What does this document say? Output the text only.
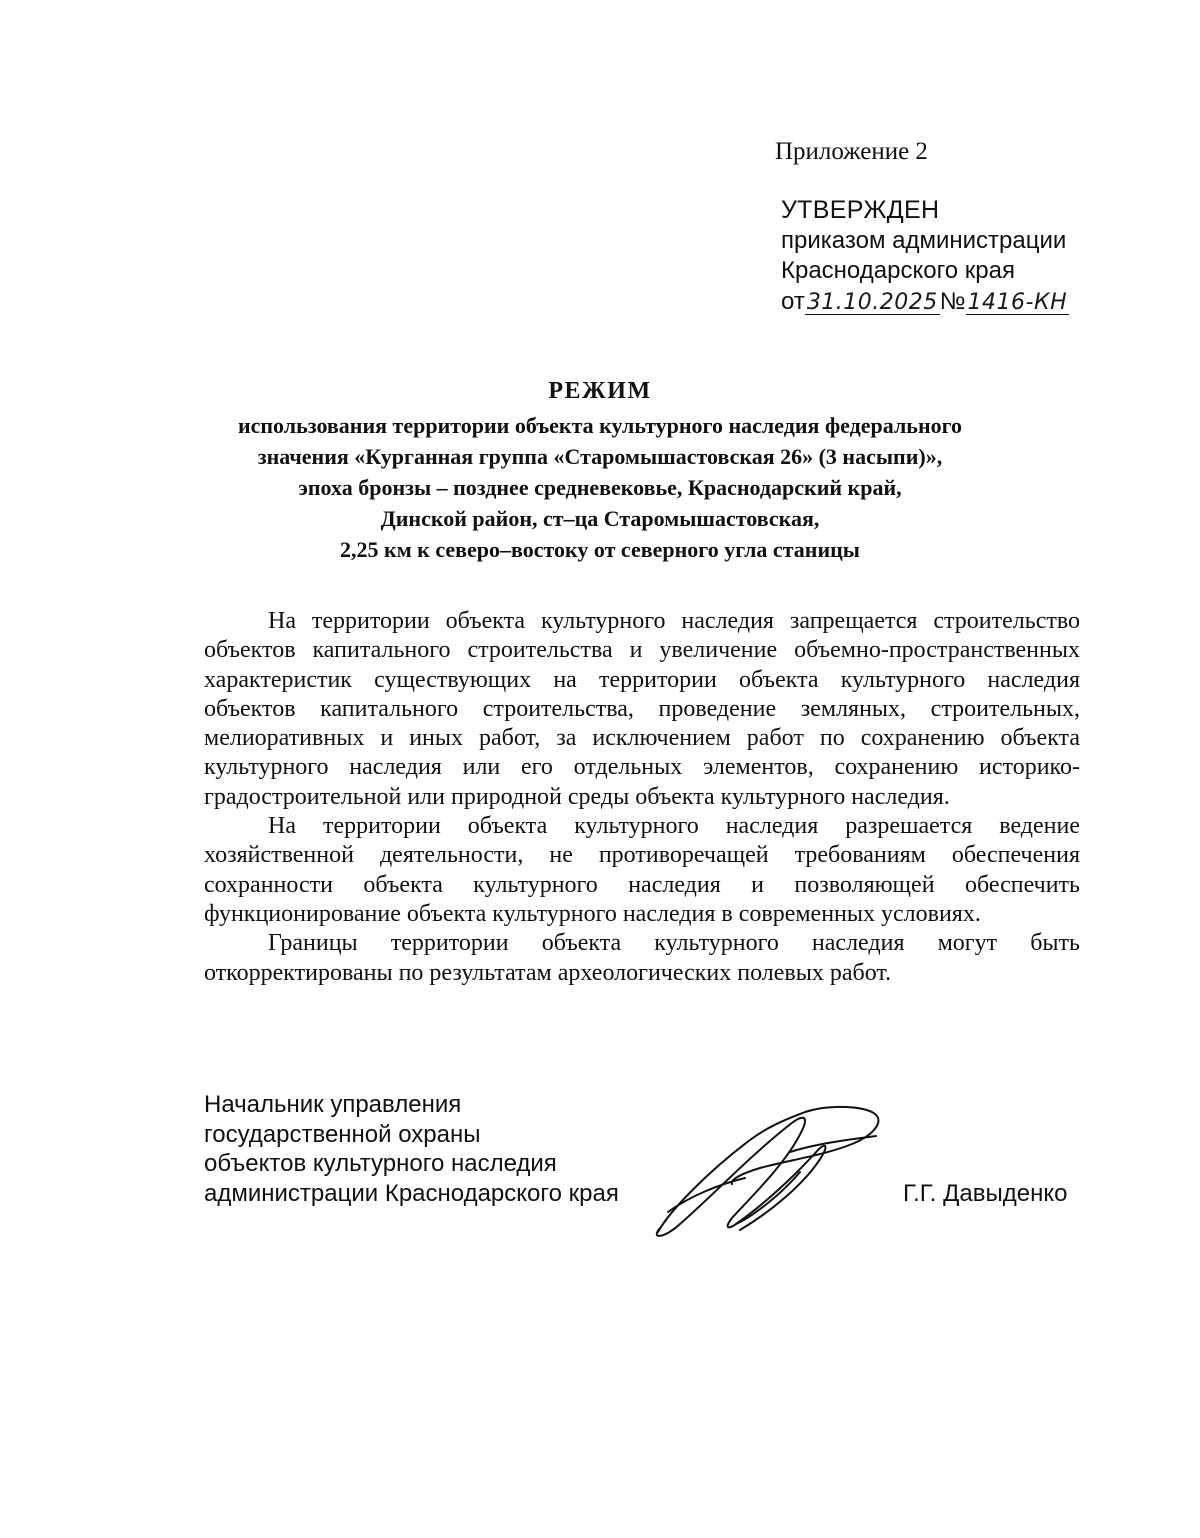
Приложение 2
УТВЕРЖДЕН
приказом администрации
Краснодарского края
от31.10.2025№1416-КН
РЕЖИМ
использования территории объекта культурного наследия федерального
значения «Курганная группа «Старомышастовская 26» (3 насыпи)»,
эпоха бронзы – позднее средневековье, Краснодарский край,
Динской район, ст–ца Старомышастовская,
2,25 км к северо–востоку от северного угла станицы

На территории объекта культурного наследия запрещается строительство объектов капитального строительства и увеличение объемно-пространственных характеристик существующих на территории объекта культурного наследия объектов капитального строительства, проведение земляных, строительных, мелиоративных и иных работ, за исключением работ по сохранению объекта культурного наследия или его отдельных элементов, сохранению историко-градостроительной или природной среды объекта культурного наследия.

На территории объекта культурного наследия разрешается ведение хозяйственной деятельности, не противоречащей требованиям обеспечения сохранности объекта культурного наследия и позволяющей обеспечить функционирование объекта культурного наследия в современных условиях.

Границы территории объекта культурного наследия могут быть откорректированы по результатам археологических полевых работ.

Начальник управления
государственной охраны
объектов культурного наследия
администрации Краснодарского края	Г.Г. Давыденко
